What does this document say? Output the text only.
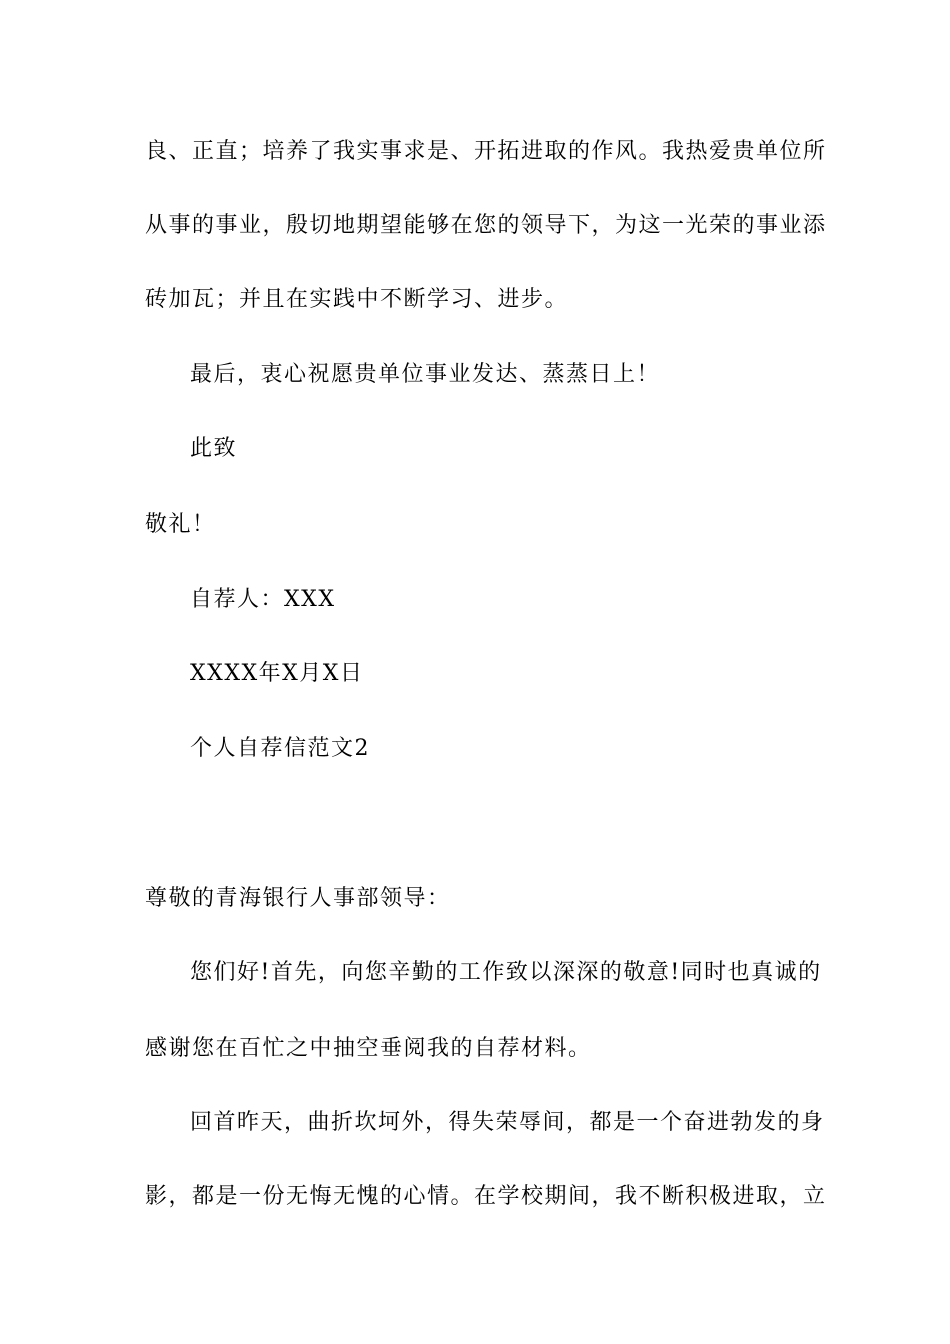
良、正直；培养了我实事求是、开拓进取的作风。我热爱贵单位所
从事的事业，殷切地期望能够在您的领导下，为这一光荣的事业添
砖加瓦；并且在实践中不断学习、进步。
最后，衷心祝愿贵单位事业发达、蒸蒸日上！
此致
敬礼！
自荐人：XXX
XXXX年X月X日
个人自荐信范文2
尊敬的青海银行人事部领导：
您们好!首先，向您辛勤的工作致以深深的敬意!同时也真诚的
感谢您在百忙之中抽空垂阅我的自荐材料。
回首昨天，曲折坎坷外，得失荣辱间，都是一个奋进勃发的身
影，都是一份无悔无愧的心情。在学校期间，我不断积极进取，立
